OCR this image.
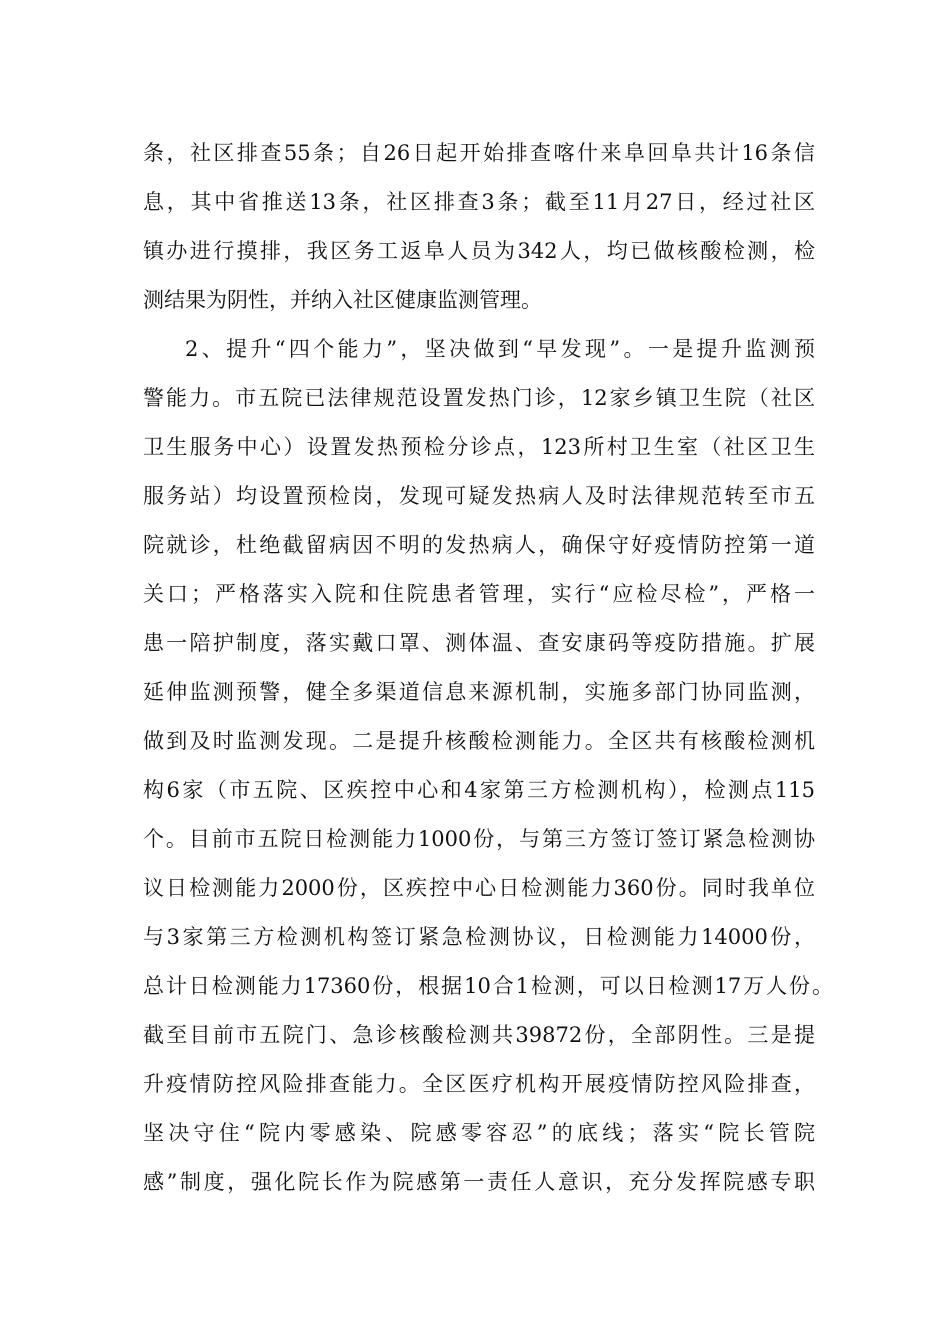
条，社区排查55条；自26日起开始排查喀什来阜回阜共计16条信
息，其中省推送13条，社区排查3条；截至11月27日，经过社区
镇办进行摸排，我区务工返阜人员为342人，均已做核酸检测，检
测结果为阴性，并纳入社区健康监测管理。
2、提升“四个能力”，坚决做到“早发现”。一是提升监测预
警能力。市五院已法律规范设置发热门诊，12家乡镇卫生院（社区
卫生服务中心）设置发热预检分诊点，123所村卫生室（社区卫生
服务站）均设置预检岗，发现可疑发热病人及时法律规范转至市五
院就诊，杜绝截留病因不明的发热病人，确保守好疫情防控第一道
关口；严格落实入院和住院患者管理，实行“应检尽检”，严格一
患一陪护制度，落实戴口罩、测体温、查安康码等疫防措施。扩展
延伸监测预警，健全多渠道信息来源机制，实施多部门协同监测，
做到及时监测发现。二是提升核酸检测能力。全区共有核酸检测机
构6家（市五院、区疾控中心和4家第三方检测机构），检测点115
个。目前市五院日检测能力1000份，与第三方签订签订紧急检测协
议日检测能力2000份，区疾控中心日检测能力360份。同时我单位
与3家第三方检测机构签订紧急检测协议，日检测能力14000份，
总计日检测能力17360份，根据10合1检测，可以日检测17万人份。
截至目前市五院门、急诊核酸检测共39872份，全部阴性。三是提
升疫情防控风险排查能力。全区医疗机构开展疫情防控风险排查，
坚决守住“院内零感染、院感零容忍”的底线；落实“院长管院
感”制度，强化院长作为院感第一责任人意识，充分发挥院感专职
